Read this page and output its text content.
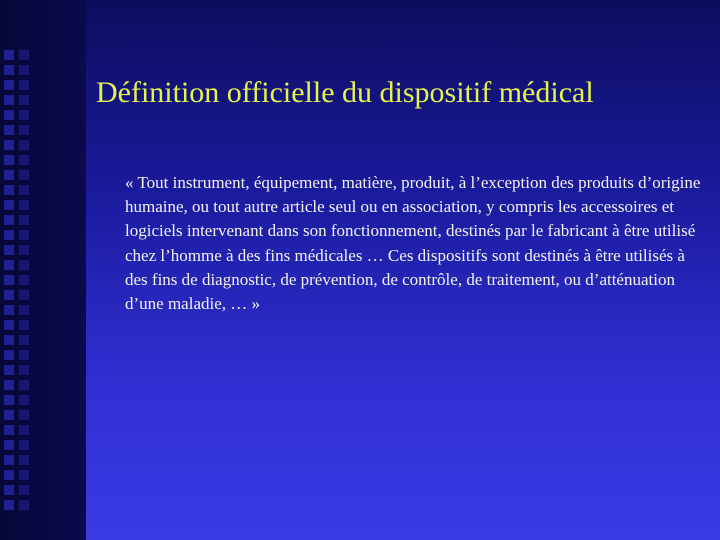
Définition officielle du dispositif médical

« Tout instrument, équipement, matière, produit, à l’exception des produits d’origine humaine, ou tout autre article seul ou en association, y compris les accessoires et logiciels intervenant dans son fonctionnement, destinés par le fabricant à être utilisé chez l’homme à des fins médicales … Ces dispositifs sont destinés à être utilisés à des fins de diagnostic, de prévention, de contrôle, de traitement, ou d’atténuation d’une maladie, … »
